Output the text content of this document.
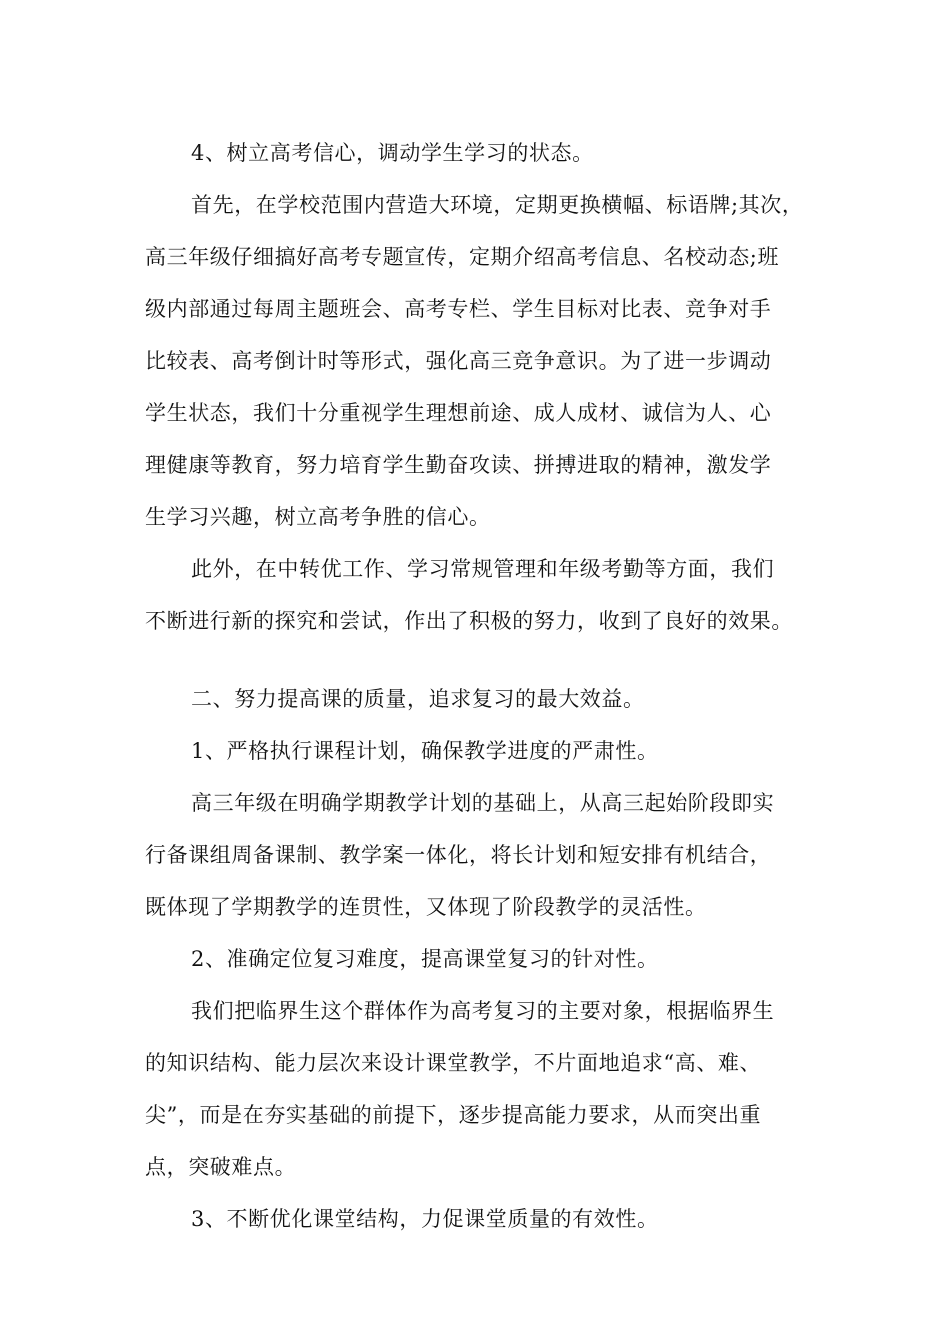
4、树立高考信心，调动学生学习的状态。
首先，在学校范围内营造大环境，定期更换横幅、标语牌;其次，
高三年级仔细搞好高考专题宣传，定期介绍高考信息、名校动态;班
级内部通过每周主题班会、高考专栏、学生目标对比表、竞争对手
比较表、高考倒计时等形式，强化高三竞争意识。为了进一步调动
学生状态，我们十分重视学生理想前途、成人成材、诚信为人、心
理健康等教育，努力培育学生勤奋攻读、拼搏进取的精神，激发学
生学习兴趣，树立高考争胜的信心。
此外，在中转优工作、学习常规管理和年级考勤等方面，我们
不断进行新的探究和尝试，作出了积极的努力，收到了良好的效果。
二、努力提高课的质量，追求复习的最大效益。
1、严格执行课程计划，确保教学进度的严肃性。
高三年级在明确学期教学计划的基础上，从高三起始阶段即实
行备课组周备课制、教学案一体化，将长计划和短安排有机结合，
既体现了学期教学的连贯性，又体现了阶段教学的灵活性。
2、准确定位复习难度，提高课堂复习的针对性。
我们把临界生这个群体作为高考复习的主要对象，根据临界生
的知识结构、能力层次来设计课堂教学，不片面地追求“高、难、
尖”，而是在夯实基础的前提下，逐步提高能力要求，从而突出重
点，突破难点。
3、不断优化课堂结构，力促课堂质量的有效性。
